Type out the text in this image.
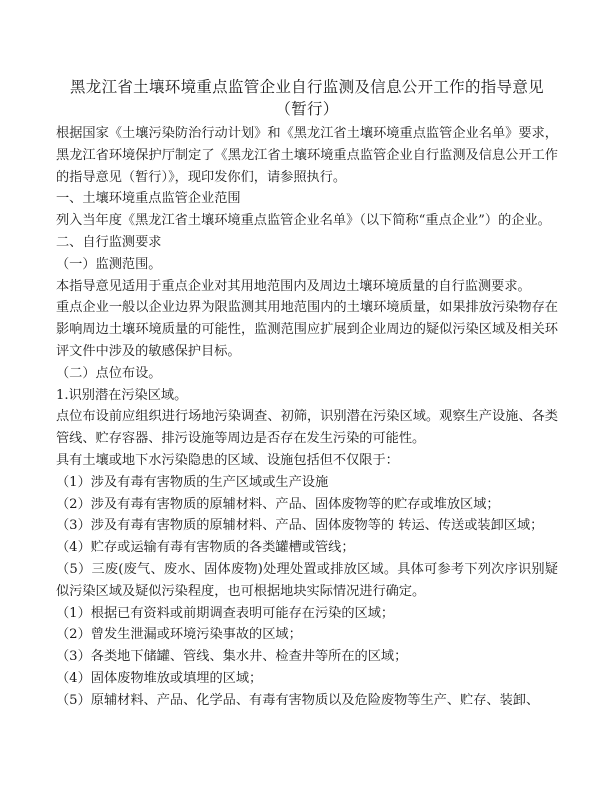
黑龙江省土壤环境重点监管企业自行监测及信息公开工作的指导意见（暂行）

根据国家《土壤污染防治行动计划》和《黑龙江省土壤环境重点监管企业名单》要求，黑龙江省环境保护厅制定了《黑龙江省土壤环境重点监管企业自行监测及信息公开工作的指导意见（暂行）》，现印发你们，请参照执行。

一、土壤环境重点监管企业范围

列入当年度《黑龙江省土壤环境重点监管企业名单》（以下简称“重点企业”）的企业。

二、自行监测要求

（一）监测范围。

本指导意见适用于重点企业对其用地范围内及周边土壤环境质量的自行监测要求。

重点企业一般以企业边界为限监测其用地范围内的土壤环境质量，如果排放污染物存在影响周边土壤环境质量的可能性，监测范围应扩展到企业周边的疑似污染区域及相关环评文件中涉及的敏感保护目标。

（二）点位布设。

1.识别潜在污染区域。

点位布设前应组织进行场地污染调查、初筛，识别潜在污染区域。观察生产设施、各类管线、贮存容器、排污设施等周边是否存在发生污染的可能性。

具有土壤或地下水污染隐患的区域、设施包括但不仅限于：

（1）涉及有毒有害物质的生产区域或生产设施

（2）涉及有毒有害物质的原辅材料、产品、固体废物等的贮存或堆放区域；

（3）涉及有毒有害物质的原辅材料、产品、固体废物等的 转运、传送或装卸区域；

（4）贮存或运输有毒有害物质的各类罐槽或管线；

（5）三废(废气、废水、固体废物)处理处置或排放区域。具体可参考下列次序识别疑似污染区域及疑似污染程度，也可根据地块实际情况进行确定。

（1）根据已有资料或前期调查表明可能存在污染的区域；

（2）曾发生泄漏或环境污染事故的区域；

（3）各类地下储罐、管线、集水井、检查井等所在的区域；

（4）固体废物堆放或填埋的区域；

（5）原辅材料、产品、化学品、有毒有害物质以及危险废物等生产、贮存、装卸、
